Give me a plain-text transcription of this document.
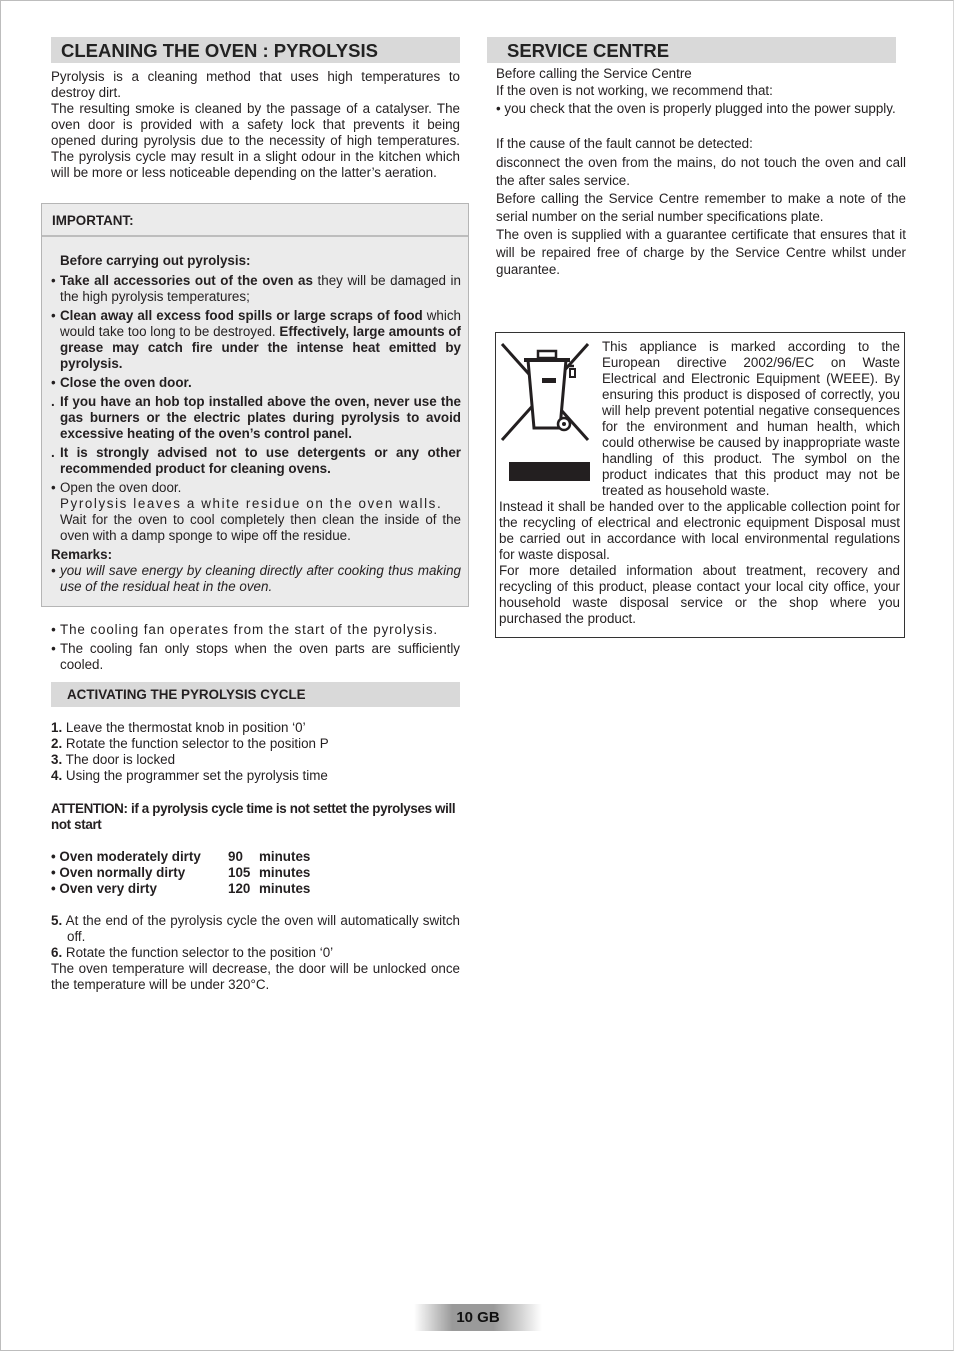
CLEANING THE OVEN : PYROLYSIS

Pyrolysis is a cleaning method that uses high temperatures to destroy dirt.

The resulting smoke is cleaned by the passage of a catalyser. The oven door is provided with a safety lock that prevents it being opened during pyrolysis due to the necessity of high temperatures. The pyrolysis cycle may result in a slight odour in the kitchen which will be more or less noticeable depending on the latter’s aeration.

IMPORTANT:
Before carrying out pyrolysis:
• Take all accessories out of the oven as they will be damaged in the high pyrolysis temperatures;
• Clean away all excess food spills or large scraps of food which would take too long to be destroyed. Effectively, large amounts of grease may catch fire under the intense heat emitted by pyrolysis.
• Close the oven door.
. If you have an hob top installed above the oven, never use the gas burners or the electric plates during pyrolysis to avoid excessive heating of the oven’s control panel.
. It is strongly advised not to use detergents or any other recommended product for cleaning ovens.
• Open the oven door.
Pyrolysis leaves a white residue on the oven walls.
Wait for the oven to cool completely then clean the inside of the oven with a damp sponge to wipe off the residue.
Remarks:
• you will save energy by cleaning directly after cooking thus making use of the residual heat in the oven.
• The cooling fan operates from the start of the pyrolysis.
• The cooling fan only stops when the oven parts are sufficiently cooled.
ACTIVATING THE PYROLYSIS CYCLE
1. Leave the thermostat knob in position ‘0’
2. Rotate the function selector to the position P
3. The door is locked
4. Using the programmer set the pyrolysis time
ATTENTION: if a pyrolysis cycle time is not settet the pyrolyses will not start
• Oven moderately dirty 90 minutes
• Oven normally dirty	105 minutes
• Oven very dirty	120 minutes
5. At the end of the pyrolysis cycle the oven will automatically switch off.
6. Rotate the function selector to the position ‘0’

The oven temperature will decrease, the door will be unlocked once the temperature will be under 320°C.

SERVICE CENTRE
Before calling the Service Centre
If the oven is not working, we recommend that:

• you check that the oven is properly plugged into the power supply.

If the cause of the fault cannot be detected:

disconnect the oven from the mains, do not touch the oven and call the after sales service.

Before calling the Service Centre remember to make a note of the serial number on the serial number specifications plate.

The oven is supplied with a guarantee certificate that ensures that it will be repaired free of charge by the Service Centre whilst under guarantee.

This appliance is marked according to the European directive 2002/96/EC on Waste Electrical and Electronic Equipment (WEEE). By ensuring this product is disposed of correctly, you will help prevent potential negative consequences for the environment and human health, which could otherwise be caused by inappropriate waste handling of this product. The symbol on the product indicates that this product may not be treated as household waste.
Instead it shall be handed over to the applicable collection point for the recycling of electrical and electronic equipment Disposal must be carried out in accordance with local environmental regulations for waste disposal.
For more detailed information about treatment, recovery and recycling of this product, please contact your local city office, your household waste disposal service or the shop where you purchased the product.
10 GB
